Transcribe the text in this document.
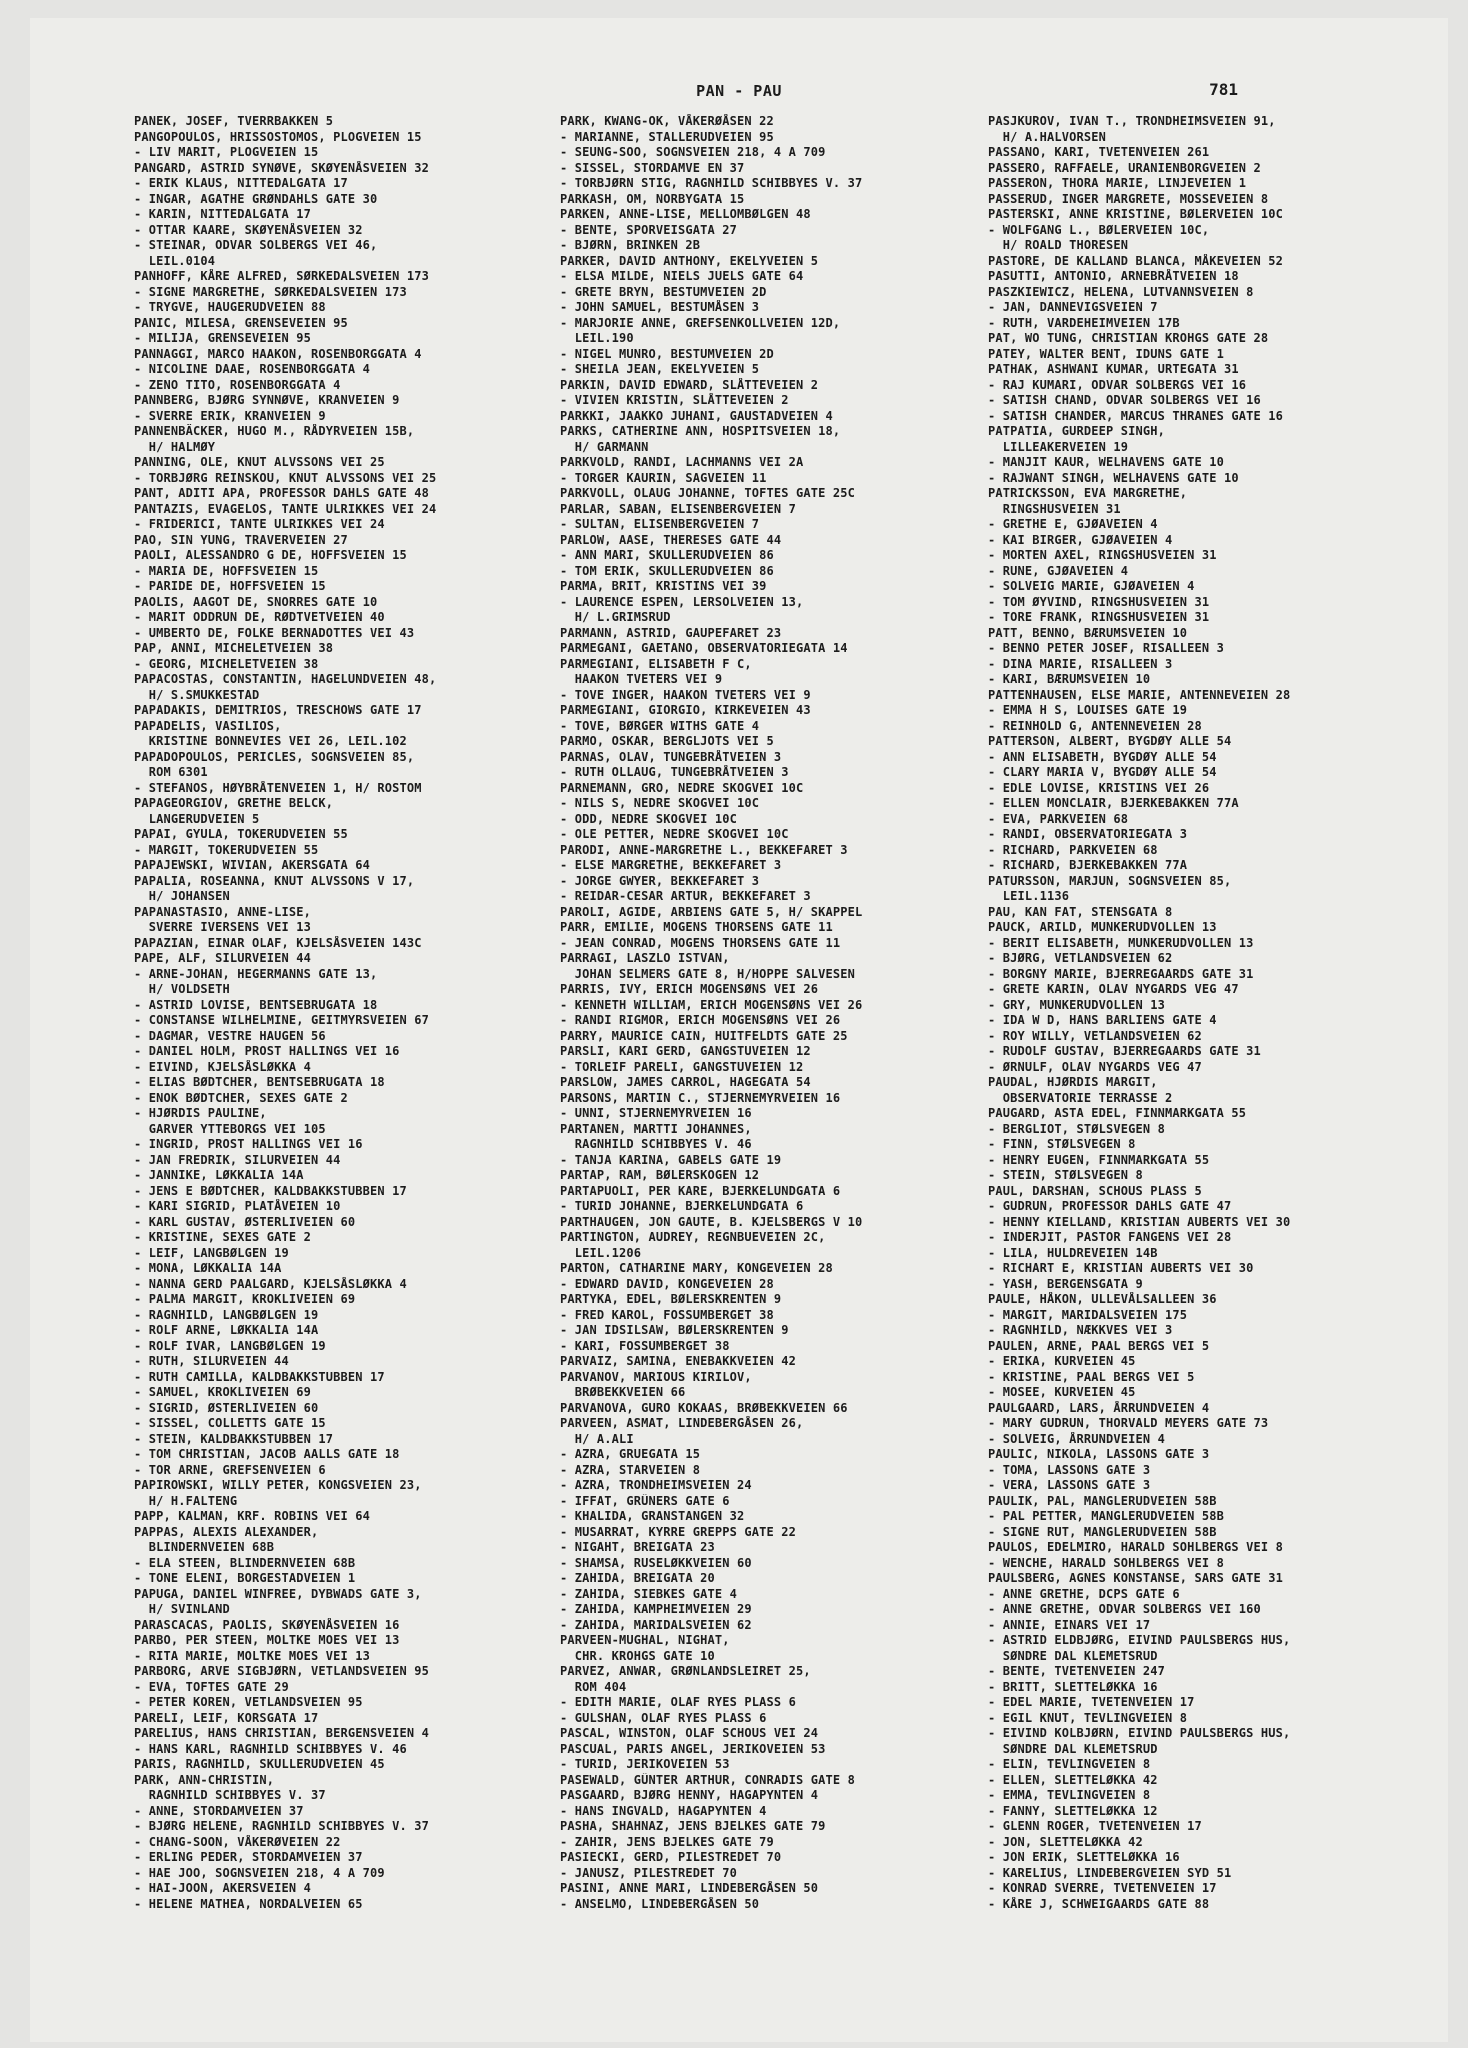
PAN - PAU	781
PANEK, JOSEF, TVERRBAKKEN 5
PANGOPOULOS, HRISSOSTOMOS, PLOGVEIEN 15
- LIV MARIT, PLOGVEIEN 15
PANGARD, ASTRID SYNØVE, SKØYENÅSVEIEN 32
- ERIK KLAUS, NITTEDALGATA 17
- INGAR, AGATHE GRØNDAHLS GATE 30
- KARIN, NITTEDALGATA 17
- OTTAR KAARE, SKØYENÅSVEIEN 32
- STEINAR, ODVAR SOLBERGS VEI 46,
LEIL.0104
PANHOFF, KÅRE ALFRED, SØRKEDALSVEIEN 173
- SIGNE MARGRETHE, SØRKEDALSVEIEN 173
- TRYGVE, HAUGERUDVEIEN 88
PANIC, MILESA, GRENSEVEIEN 95
- MILIJA, GRENSEVEIEN 95
PANNAGGI, MARCO HAAKON, ROSENBORGGATA 4
- NICOLINE DAAE, ROSENBORGGATA 4
- ZENO TITO, ROSENBORGGATA 4
PANNBERG, BJØRG SYNNØVE, KRANVEIEN 9
- SVERRE ERIK, KRANVEIEN 9
PANNENBÄCKER, HUGO M., RÅDYRVEIEN 15B,
H/ HALMØY
PANNING, OLE, KNUT ALVSSONS VEI 25
- TORBJØRG REINSKOU, KNUT ALVSSONS VEI 25
PANT, ADITI APA, PROFESSOR DAHLS GATE 48
PANTAZIS, EVAGELOS, TANTE ULRIKKES VEI 24
- FRIDERICI, TANTE ULRIKKES VEI 24
PAO, SIN YUNG, TRAVERVEIEN 27
PAOLI, ALESSANDRO G DE, HOFFSVEIEN 15
- MARIA DE, HOFFSVEIEN 15
- PARIDE DE, HOFFSVEIEN 15
PAOLIS, AAGOT DE, SNORRES GATE 10
- MARIT ODDRUN DE, RØDTVETVEIEN 40
- UMBERTO DE, FOLKE BERNADOTTES VEI 43
PAP, ANNI, MICHELETVEIEN 38
- GEORG, MICHELETVEIEN 38
PAPACOSTAS, CONSTANTIN, HAGELUNDVEIEN 48,
H/ S.SMUKKESTAD
PAPADAKIS, DEMITRIOS, TRESCHOWS GATE 17
PAPADELIS, VASILIOS,
KRISTINE BONNEVIES VEI 26, LEIL.102
PAPADOPOULOS, PERICLES, SOGNSVEIEN 85,
ROM 6301
- STEFANOS, HØYBRÅTENVEIEN 1, H/ ROSTOM
PAPAGEORGIOV, GRETHE BELCK,
LANGERUDVEIEN 5
PAPAI, GYULA, TOKERUDVEIEN 55
- MARGIT, TOKERUDVEIEN 55
PAPAJEWSKI, WIVIAN, AKERSGATA 64
PAPALIA, ROSEANNA, KNUT ALVSSONS V 17,
H/ JOHANSEN
PAPANASTASIO, ANNE-LISE,
SVERRE IVERSENS VEI 13
PAPAZIAN, EINAR OLAF, KJELSÅSVEIEN 143C
PAPE, ALF, SILURVEIEN 44
- ARNE-JOHAN, HEGERMANNS GATE 13,
H/ VOLDSETH
- ASTRID LOVISE, BENTSEBRUGATA 18
- CONSTANSE WILHELMINE, GEITMYRSVEIEN 67
- DAGMAR, VESTRE HAUGEN 56
- DANIEL HOLM, PROST HALLINGS VEI 16
- EIVIND, KJELSÅSLØKKA 4
- ELIAS BØDTCHER, BENTSEBRUGATA 18
- ENOK BØDTCHER, SEXES GATE 2
- HJØRDIS PAULINE,
GARVER YTTEBORGS VEI 105
- INGRID, PROST HALLINGS VEI 16
- JAN FREDRIK, SILURVEIEN 44
- JANNIKE, LØKKALIA 14A
- JENS E BØDTCHER, KALDBAKKSTUBBEN 17
- KARI SIGRID, PLATÅVEIEN 10
- KARL GUSTAV, ØSTERLIVEIEN 60
- KRISTINE, SEXES GATE 2
- LEIF, LANGBØLGEN 19
- MONA, LØKKALIA 14A
- NANNA GERD PAALGARD, KJELSÅSLØKKA 4
- PALMA MARGIT, KROKLIVEIEN 69
- RAGNHILD, LANGBØLGEN 19
- ROLF ARNE, LØKKALIA 14A
- ROLF IVAR, LANGBØLGEN 19
- RUTH, SILURVEIEN 44
- RUTH CAMILLA, KALDBAKKSTUBBEN 17
- SAMUEL, KROKLIVEIEN 69
- SIGRID, ØSTERLIVEIEN 60
- SISSEL, COLLETTS GATE 15
- STEIN, KALDBAKKSTUBBEN 17
- TOM CHRISTIAN, JACOB AALLS GATE 18
- TOR ARNE, GREFSENVEIEN 6
PAPIROWSKI, WILLY PETER, KONGSVEIEN 23,
H/ H.FALTENG
PAPP, KALMAN, KRF. ROBINS VEI 64
PAPPAS, ALEXIS ALEXANDER,
BLINDERNVEIEN 68B
- ELA STEEN, BLINDERNVEIEN 68B
- TONE ELENI, BORGESTADVEIEN 1
PAPUGA, DANIEL WINFREE, DYBWADS GATE 3,
H/ SVINLAND
PARASCACAS, PAOLIS, SKØYENÅSVEIEN 16
PARBO, PER STEEN, MOLTKE MOES VEI 13
- RITA MARIE, MOLTKE MOES VEI 13
PARBORG, ARVE SIGBJØRN, VETLANDSVEIEN 95
- EVA, TOFTES GATE 29
- PETER KOREN, VETLANDSVEIEN 95
PARELI, LEIF, KORSGATA 17
PARELIUS, HANS CHRISTIAN, BERGENSVEIEN 4
- HANS KARL, RAGNHILD SCHIBBYES V. 46
PARIS, RAGNHILD, SKULLERUDVEIEN 45
PARK, ANN-CHRISTIN,
RAGNHILD SCHIBBYES V. 37
- ANNE, STORDAMVEIEN 37
- BJØRG HELENE, RAGNHILD SCHIBBYES V. 37
- CHANG-SOON, VÅKERØVEIEN 22
- ERLING PEDER, STORDAMVEIEN 37
- HAE JOO, SOGNSVEIEN 218, 4 A 709
- HAI-JOON, AKERSVEIEN 4
- HELENE MATHEA, NORDALVEIEN 65
PARK, KWANG-OK, VÅKERØÅSEN 22
- MARIANNE, STALLERUDVEIEN 95
- SEUNG-SOO, SOGNSVEIEN 218, 4 A 709
- SISSEL, STORDAMVE EN 37
- TORBJØRN STIG, RAGNHILD SCHIBBYES V. 37
PARKASH, OM, NORBYGATA 15
PARKEN, ANNE-LISE, MELLOMBØLGEN 48
- BENTE, SPORVEISGATA 27
- BJØRN, BRINKEN 2B
PARKER, DAVID ANTHONY, EKELYVEIEN 5
- ELSA MILDE, NIELS JUELS GATE 64
- GRETE BRYN, BESTUMVEIEN 2D
- JOHN SAMUEL, BESTUMÅSEN 3
- MARJORIE ANNE, GREFSENKOLLVEIEN 12D,
LEIL.190
- NIGEL MUNRO, BESTUMVEIEN 2D
- SHEILA JEAN, EKELYVEIEN 5
PARKIN, DAVID EDWARD, SLÅTTEVEIEN 2
- VIVIEN KRISTIN, SLÅTTEVEIEN 2
PARKKI, JAAKKO JUHANI, GAUSTADVEIEN 4
PARKS, CATHERINE ANN, HOSPITSVEIEN 18,
H/ GARMANN
PARKVOLD, RANDI, LACHMANNS VEI 2A
- TORGER KAURIN, SAGVEIEN 11
PARKVOLL, OLAUG JOHANNE, TOFTES GATE 25C
PARLAR, SABAN, ELISENBERGVEIEN 7
- SULTAN, ELISENBERGVEIEN 7
PARLOW, AASE, THERESES GATE 44
- ANN MARI, SKULLERUDVEIEN 86
- TOM ERIK, SKULLERUDVEIEN 86
PARMA, BRIT, KRISTINS VEI 39
- LAURENCE ESPEN, LERSOLVEIEN 13,
H/ L.GRIMSRUD
PARMANN, ASTRID, GAUPEFARET 23
PARMEGANI, GAETANO, OBSERVATORIEGATA 14
PARMEGIANI, ELISABETH F C,
HAAKON TVETERS VEI 9
- TOVE INGER, HAAKON TVETERS VEI 9
PARMEGIANI, GIORGIO, KIRKEVEIEN 43
- TOVE, BØRGER WITHS GATE 4
PARMO, OSKAR, BERGLJOTS VEI 5
PARNAS, OLAV, TUNGEBRÅTVEIEN 3
- RUTH OLLAUG, TUNGEBRÅTVEIEN 3
PARNEMANN, GRO, NEDRE SKOGVEI 10C
- NILS S, NEDRE SKOGVEI 10C
- ODD, NEDRE SKOGVEI 10C
- OLE PETTER, NEDRE SKOGVEI 10C
PARODI, ANNE-MARGRETHE L., BEKKEFARET 3
- ELSE MARGRETHE, BEKKEFARET 3
- JORGE GWYER, BEKKEFARET 3
- REIDAR-CESAR ARTUR, BEKKEFARET 3
PAROLI, AGIDE, ARBIENS GATE 5, H/ SKAPPEL
PARR, EMILIE, MOGENS THORSENS GATE 11
- JEAN CONRAD, MOGENS THORSENS GATE 11
PARRAGI, LASZLO ISTVAN,
JOHAN SELMERS GATE 8, H/HOPPE SALVESEN
PARRIS, IVY, ERICH MOGENSØNS VEI 26
- KENNETH WILLIAM, ERICH MOGENSØNS VEI 26
- RANDI RIGMOR, ERICH MOGENSØNS VEI 26
PARRY, MAURICE CAIN, HUITFELDTS GATE 25
PARSLI, KARI GERD, GANGSTUVEIEN 12
- TORLEIF PARELI, GANGSTUVEIEN 12
PARSLOW, JAMES CARROL, HAGEGATA 54
PARSONS, MARTIN C., STJERNEMYRVEIEN 16
- UNNI, STJERNEMYRVEIEN 16
PARTANEN, MARTTI JOHANNES,
RAGNHILD SCHIBBYES V. 46
- TANJA KARINA, GABELS GATE 19
PARTAP, RAM, BØLERSKOGEN 12
PARTAPUOLI, PER KARE, BJERKELUNDGATA 6
- TURID JOHANNE, BJERKELUNDGATA 6
PARTHAUGEN, JON GAUTE, B. KJELSBERGS V 10
PARTINGTON, AUDREY, REGNBUEVEIEN 2C,
LEIL.1206
PARTON, CATHARINE MARY, KONGEVEIEN 28
- EDWARD DAVID, KONGEVEIEN 28
PARTYKA, EDEL, BØLERSKRENTEN 9
- FRED KAROL, FOSSUMBERGET 38
- JAN IDSILSAW, BØLERSKRENTEN 9
- KARI, FOSSUMBERGET 38
PARVAIZ, SAMINA, ENEBAKKVEIEN 42
PARVANOV, MARIOUS KIRILOV,
BRØBEKKVEIEN 66
PARVANOVA, GURO KOKAAS, BRØBEKKVEIEN 66
PARVEEN, ASMAT, LINDEBERGÅSEN 26,
H/ A.ALI
- AZRA, GRUEGATA 15
- AZRA, STARVEIEN 8
- AZRA, TRONDHEIMSVEIEN 24
- IFFAT, GRÜNERS GATE 6
- KHALIDA, GRANSTANGEN 32
- MUSARRAT, KYRRE GREPPS GATE 22
- NIGAHT, BREIGATA 23
- SHAMSA, RUSELØKKVEIEN 60
- ZAHIDA, BREIGATA 20
- ZAHIDA, SIEBKES GATE 4
- ZAHIDA, KAMPHEIMVEIEN 29
- ZAHIDA, MARIDALSVEIEN 62
PARVEEN-MUGHAL, NIGHAT,
CHR. KROHGS GATE 10
PARVEZ, ANWAR, GRØNLANDSLEIRET 25,
ROM 404
- EDITH MARIE, OLAF RYES PLASS 6
- GULSHAN, OLAF RYES PLASS 6
PASCAL, WINSTON, OLAF SCHOUS VEI 24
PASCUAL, PARIS ANGEL, JERIKOVEIEN 53
- TURID, JERIKOVEIEN 53
PASEWALD, GÜNTER ARTHUR, CONRADIS GATE 8
PASGAARD, BJØRG HENNY, HAGAPYNTEN 4
- HANS INGVALD, HAGAPYNTEN 4
PASHA, SHAHNAZ, JENS BJELKES GATE 79
- ZAHIR, JENS BJELKES GATE 79
PASIECKI, GERD, PILESTREDET 70
- JANUSZ, PILESTREDET 70
PASINI, ANNE MARI, LINDEBERGÅSEN 50
- ANSELMO, LINDEBERGÅSEN 50
PASJKUROV, IVAN T., TRONDHEIMSVEIEN 91,
H/ A.HALVORSEN
PASSANO, KARI, TVETENVEIEN 261
PASSERO, RAFFAELE, URANIENBORGVEIEN 2
PASSERON, THORA MARIE, LINJEVEIEN 1
PASSERUD, INGER MARGRETE, MOSSEVEIEN 8
PASTERSKI, ANNE KRISTINE, BØLERVEIEN 10C
- WOLFGANG L., BØLERVEIEN 10C,
H/ ROALD THORESEN
PASTORE, DE KALLAND BLANCA, MÅKEVEIEN 52
PASUTTI, ANTONIO, ARNEBRÅTVEIEN 18
PASZKIEWICZ, HELENA, LUTVANNSVEIEN 8
- JAN, DANNEVIGSVEIEN 7
- RUTH, VARDEHEIMVEIEN 17B
PAT, WO TUNG, CHRISTIAN KROHGS GATE 28
PATEY, WALTER BENT, IDUNS GATE 1
PATHAK, ASHWANI KUMAR, URTEGATA 31
- RAJ KUMARI, ODVAR SOLBERGS VEI 16
- SATISH CHAND, ODVAR SOLBERGS VEI 16
- SATISH CHANDER, MARCUS THRANES GATE 16
PATPATIA, GURDEEP SINGH,
LILLEAKERVEIEN 19
- MANJIT KAUR, WELHAVENS GATE 10
- RAJWANT SINGH, WELHAVENS GATE 10
PATRICKSSON, EVA MARGRETHE,
RINGSHUSVEIEN 31
- GRETHE E, GJØAVEIEN 4
- KAI BIRGER, GJØAVEIEN 4
- MORTEN AXEL, RINGSHUSVEIEN 31
- RUNE, GJØAVEIEN 4
- SOLVEIG MARIE, GJØAVEIEN 4
- TOM ØYVIND, RINGSHUSVEIEN 31
- TORE FRANK, RINGSHUSVEIEN 31
PATT, BENNO, BÆRUMSVEIEN 10
- BENNO PETER JOSEF, RISALLEEN 3
- DINA MARIE, RISALLEEN 3
- KARI, BÆRUMSVEIEN 10
PATTENHAUSEN, ELSE MARIE, ANTENNEVEIEN 28
- EMMA H S, LOUISES GATE 19
- REINHOLD G, ANTENNEVEIEN 28
PATTERSON, ALBERT, BYGDØY ALLE 54
- ANN ELISABETH, BYGDØY ALLE 54
- CLARY MARIA V, BYGDØY ALLE 54
- EDLE LOVISE, KRISTINS VEI 26
- ELLEN MONCLAIR, BJERKEBAKKEN 77A
- EVA, PARKVEIEN 68
- RANDI, OBSERVATORIEGATA 3
- RICHARD, PARKVEIEN 68
- RICHARD, BJERKEBAKKEN 77A
PATURSSON, MARJUN, SOGNSVEIEN 85,
LEIL.1136
PAU, KAN FAT, STENSGATA 8
PAUCK, ARILD, MUNKERUDVOLLEN 13
- BERIT ELISABETH, MUNKERUDVOLLEN 13
- BJØRG, VETLANDSVEIEN 62
- BORGNY MARIE, BJERREGAARDS GATE 31
- GRETE KARIN, OLAV NYGARDS VEG 47
- GRY, MUNKERUDVOLLEN 13
- IDA W D, HANS BARLIENS GATE 4
- ROY WILLY, VETLANDSVEIEN 62
- RUDOLF GUSTAV, BJERREGAARDS GATE 31
- ØRNULF, OLAV NYGARDS VEG 47
PAUDAL, HJØRDIS MARGIT,
OBSERVATORIE TERRASSE 2
PAUGARD, ASTA EDEL, FINNMARKGATA 55
- BERGLIOT, STØLSVEGEN 8
- FINN, STØLSVEGEN 8
- HENRY EUGEN, FINNMARKGATA 55
- STEIN, STØLSVEGEN 8
PAUL, DARSHAN, SCHOUS PLASS 5
- GUDRUN, PROFESSOR DAHLS GATE 47
- HENNY KIELLAND, KRISTIAN AUBERTS VEI 30
- INDERJIT, PASTOR FANGENS VEI 28
- LILA, HULDREVEIEN 14B
- RICHART E, KRISTIAN AUBERTS VEI 30
- YASH, BERGENSGATA 9
PAULE, HÅKON, ULLEVÅLSALLEEN 36
- MARGIT, MARIDALSVEIEN 175
- RAGNHILD, NÆKKVES VEI 3
PAULEN, ARNE, PAAL BERGS VEI 5
- ERIKA, KURVEIEN 45
- KRISTINE, PAAL BERGS VEI 5
- MOSEE, KURVEIEN 45
PAULGAARD, LARS, ÅRRUNDVEIEN 4
- MARY GUDRUN, THORVALD MEYERS GATE 73
- SOLVEIG, ÅRRUNDVEIEN 4
PAULIC, NIKOLA, LASSONS GATE 3
- TOMA, LASSONS GATE 3
- VERA, LASSONS GATE 3
PAULIK, PAL, MANGLERUDVEIEN 58B
- PAL PETTER, MANGLERUDVEIEN 58B
- SIGNE RUT, MANGLERUDVEIEN 58B
PAULOS, EDELMIRO, HARALD SOHLBERGS VEI 8
- WENCHE, HARALD SOHLBERGS VEI 8
PAULSBERG, AGNES KONSTANSE, SARS GATE 31
- ANNE GRETHE, DCPS GATE 6
- ANNE GRETHE, ODVAR SOLBERGS VEI 160
- ANNIE, EINARS VEI 17
- ASTRID ELDBJØRG, EIVIND PAULSBERGS HUS,
SØNDRE DAL KLEMETSRUD
- BENTE, TVETENVEIEN 247
- BRITT, SLETTELØKKA 16
- EDEL MARIE, TVETENVEIEN 17
- EGIL KNUT, TEVLINGVEIEN 8
- EIVIND KOLBJØRN, EIVIND PAULSBERGS HUS,
SØNDRE DAL KLEMETSRUD
- ELIN, TEVLINGVEIEN 8
- ELLEN, SLETTELØKKA 42
- EMMA, TEVLINGVEIEN 8
- FANNY, SLETTELØKKA 12
- GLENN ROGER, TVETENVEIEN 17
- JON, SLETTELØKKA 42
- JON ERIK, SLETTELØKKA 16
- KARELIUS, LINDEBERGVEIEN SYD 51
- KONRAD SVERRE, TVETENVEIEN 17
- KÅRE J, SCHWEIGAARDS GATE 88
